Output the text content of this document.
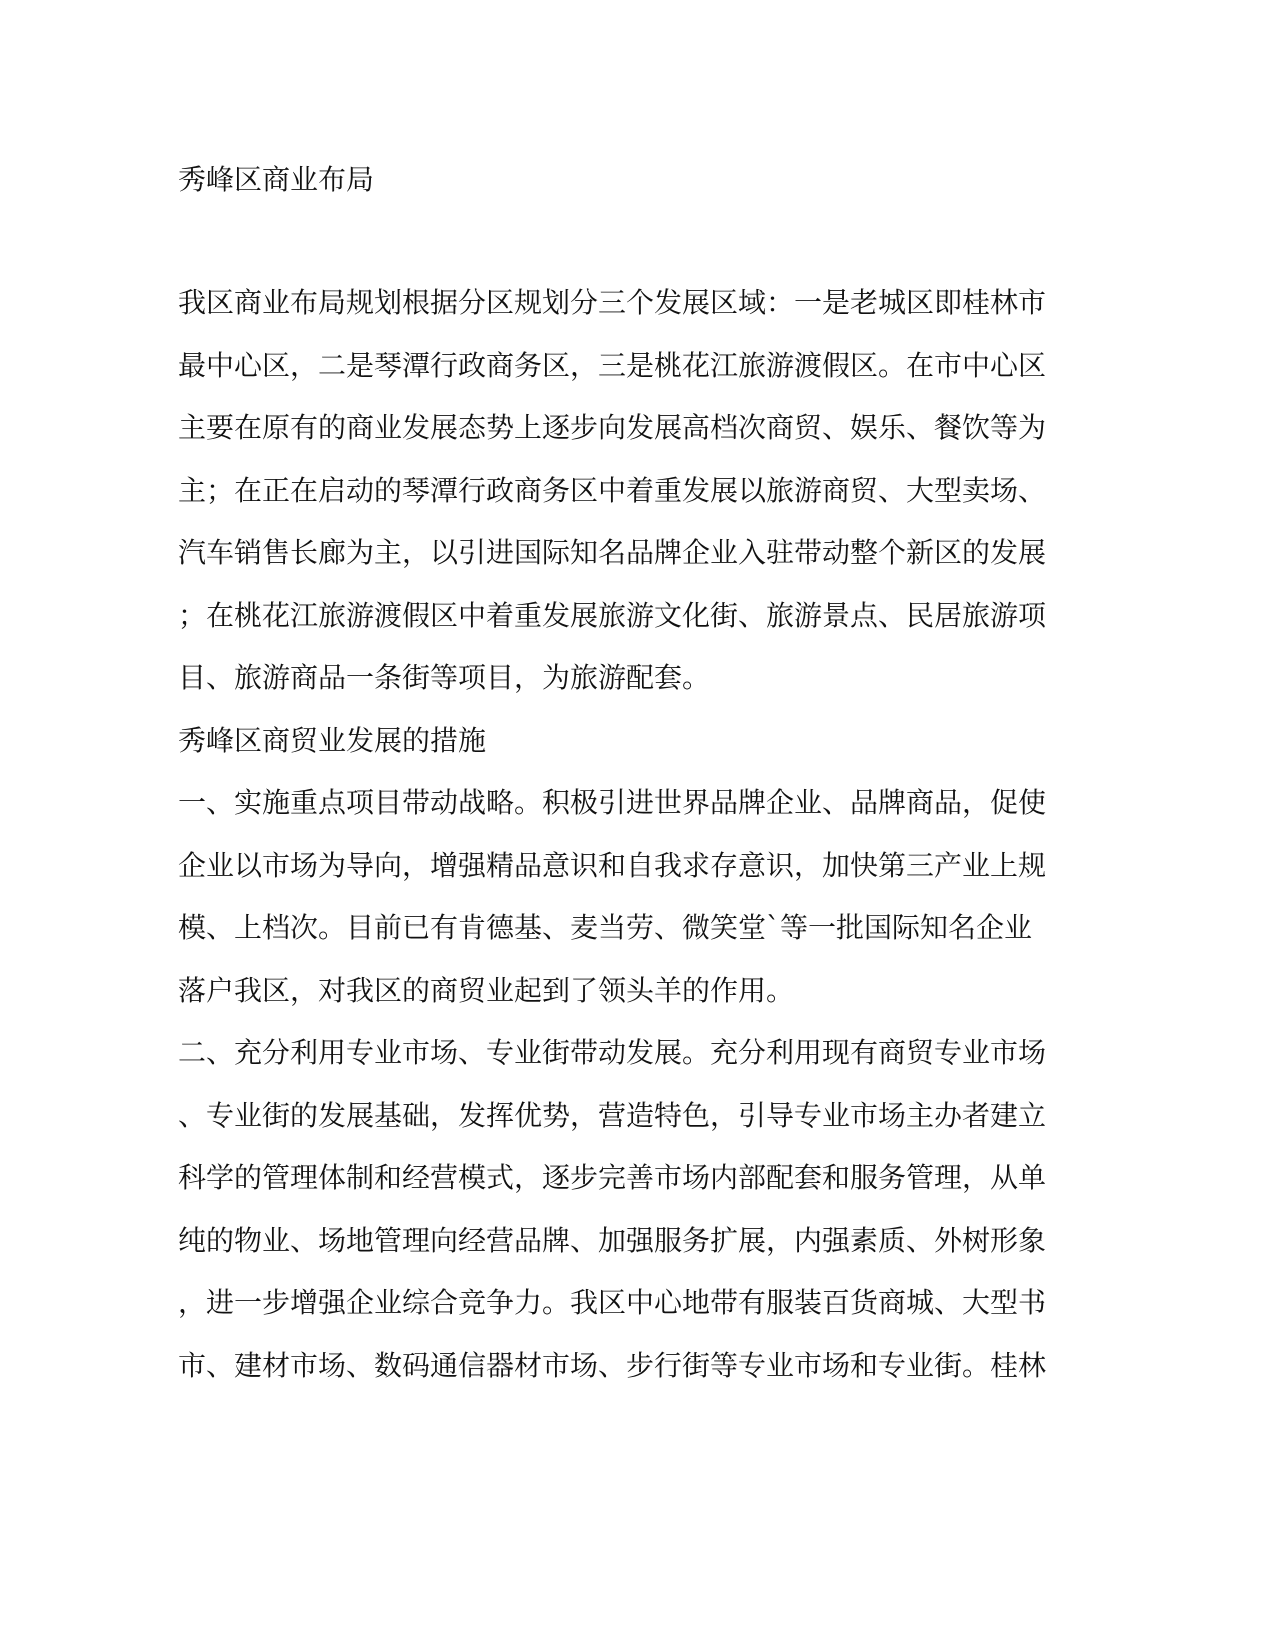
秀峰区商业布局
我区商业布局规划根据分区规划分三个发展区域：一是老城区即桂林市
最中心区，二是琴潭行政商务区，三是桃花江旅游渡假区。在市中心区
主要在原有的商业发展态势上逐步向发展高档次商贸、娱乐、餐饮等为
主；在正在启动的琴潭行政商务区中着重发展以旅游商贸、大型卖场、
汽车销售长廊为主，以引进国际知名品牌企业入驻带动整个新区的发展
；在桃花江旅游渡假区中着重发展旅游文化街、旅游景点、民居旅游项
目、旅游商品一条街等项目，为旅游配套。
秀峰区商贸业发展的措施
一、实施重点项目带动战略。积极引进世界品牌企业、品牌商品，促使
企业以市场为导向，增强精品意识和自我求存意识，加快第三产业上规
模、上档次。目前已有肯德基、麦当劳、微笑堂`等一批国际知名企业
落户我区，对我区的商贸业起到了领头羊的作用。
二、充分利用专业市场、专业街带动发展。充分利用现有商贸专业市场
、专业街的发展基础，发挥优势，营造特色，引导专业市场主办者建立
科学的管理体制和经营模式，逐步完善市场内部配套和服务管理，从单
纯的物业、场地管理向经营品牌、加强服务扩展，内强素质、外树形象
，进一步增强企业综合竞争力。我区中心地带有服装百货商城、大型书
市、建材市场、数码通信器材市场、步行街等专业市场和专业街。桂林
